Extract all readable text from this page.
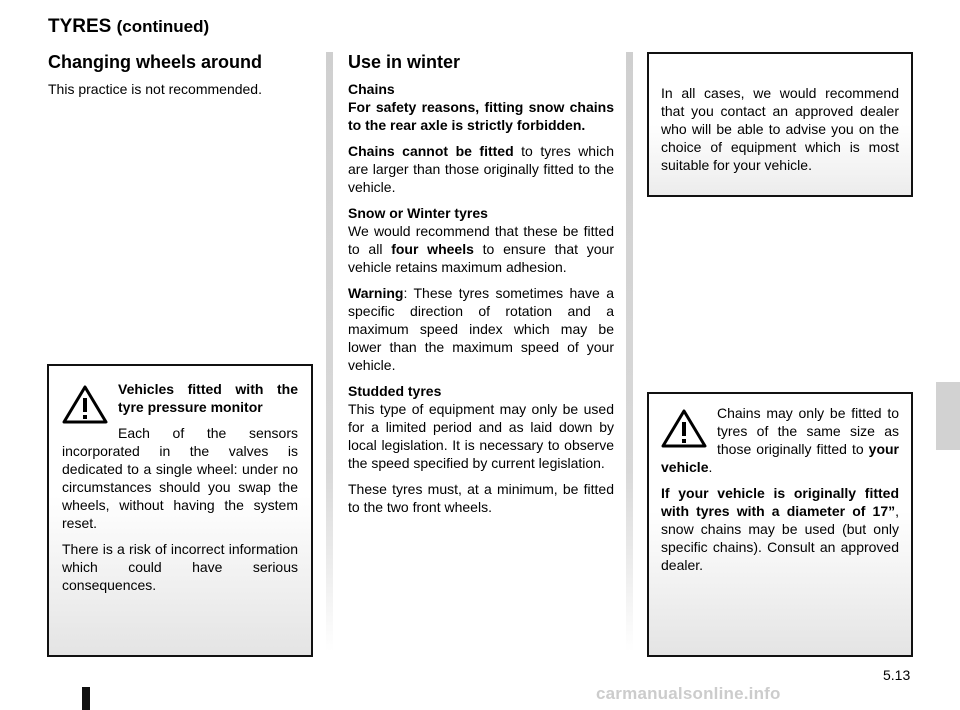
TYRES (continued)
Changing wheels around

This practice is not recommended.

Vehicles fitted with the tyre pressure monitor

Each of the sensors incorporated in the valves is dedicated to a single wheel: under no circumstances should you swap the wheels, without having the system reset.

There is a risk of incorrect information which could have serious consequences.

Use in winter

Chains
For safety reasons, fitting snow chains to the rear axle is strictly forbidden.

Chains cannot be fitted to tyres which are larger than those originally fitted to the vehicle.

Snow or Winter tyres
We would recommend that these be fitted to all four wheels to ensure that your vehicle retains maximum adhesion.

Warning: These tyres sometimes have a specific direction of rotation and a maximum speed index which may be lower than the maximum speed of your vehicle.

Studded tyres
This type of equipment may only be used for a limited period and as laid down by local legislation. It is necessary to observe the speed specified by current legislation.

These tyres must, at a minimum, be fitted to the two front wheels.

In all cases, we would recommend that you contact an approved dealer who will be able to advise you on the choice of equipment which is most suitable for your vehicle.

Chains may only be fitted to tyres of the same size as those originally fitted to your vehicle.

If your vehicle is originally fitted with tyres with a diameter of 17”, snow chains may be used (but only specific chains). Consult an approved dealer.

5.13
carmanualsonline.info
